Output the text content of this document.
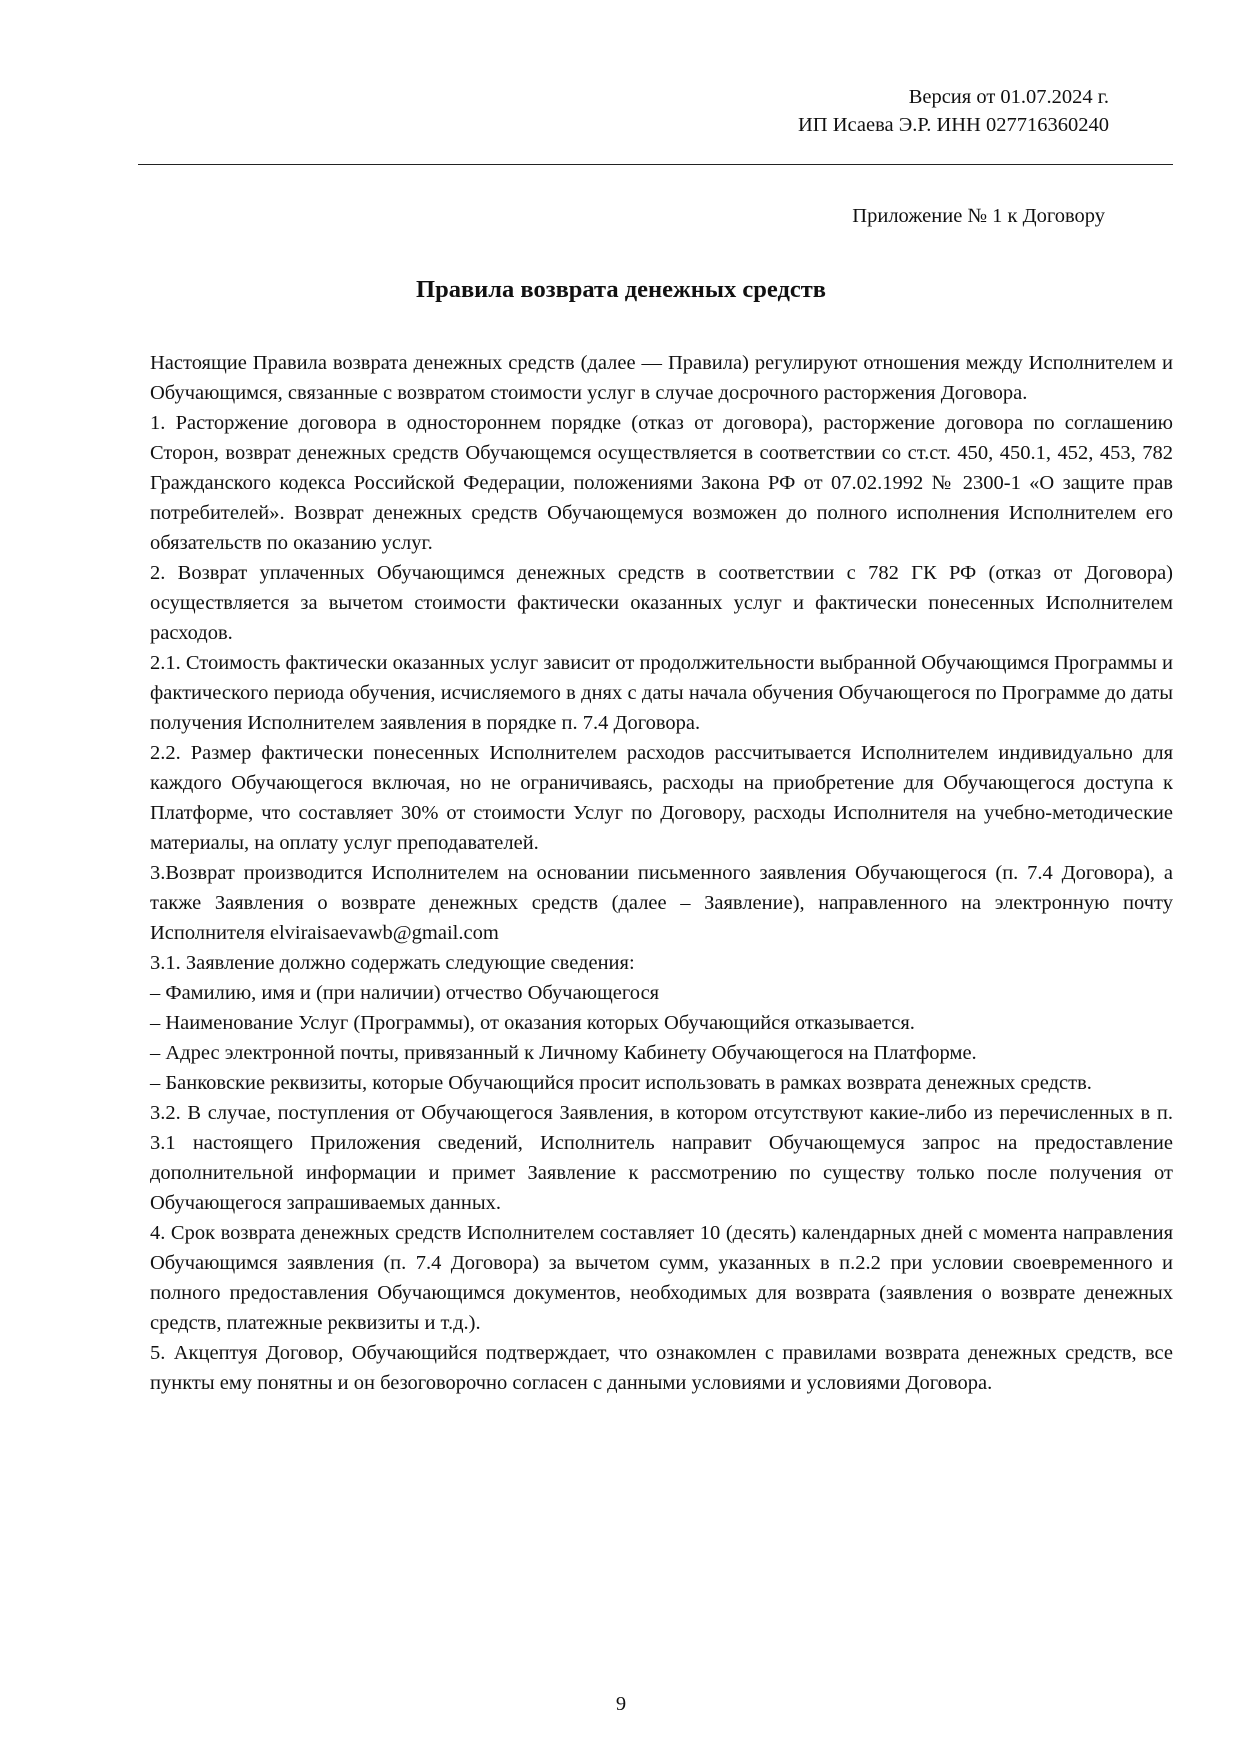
Версия от 01.07.2024 г.
ИП Исаева Э.Р. ИНН 027716360240
Приложение № 1 к Договору
Правила возврата денежных средств

Настоящие Правила возврата денежных средств (далее — Правила) регулируют отношения между Исполнителем и Обучающимся, связанные с возвратом стоимости услуг в случае досрочного расторжения Договора.

1. Расторжение договора в одностороннем порядке (отказ от договора), расторжение договора по соглашению Сторон, возврат денежных средств Обучающемся осуществляется в соответствии со ст.ст. 450, 450.1, 452, 453, 782 Гражданского кодекса Российской Федерации, положениями Закона РФ от 07.02.1992 № 2300-1 «О защите прав потребителей». Возврат денежных средств Обучающемуся возможен до полного исполнения Исполнителем его обязательств по оказанию услуг.

2. Возврат уплаченных Обучающимся денежных средств в соответствии с 782 ГК РФ (отказ от Договора) осуществляется за вычетом стоимости фактически оказанных услуг и фактически понесенных Исполнителем расходов.

2.1. Стоимость фактически оказанных услуг зависит от продолжительности выбранной Обучающимся Программы и фактического периода обучения, исчисляемого в днях с даты начала обучения Обучающегося по Программе до даты получения Исполнителем заявления в порядке п. 7.4 Договора.

2.2. Размер фактически понесенных Исполнителем расходов рассчитывается Исполнителем индивидуально для каждого Обучающегося включая, но не ограничиваясь, расходы на приобретение для Обучающегося доступа к Платформе, что составляет 30% от стоимости Услуг по Договору, расходы Исполнителя на учебно-методические материалы, на оплату услуг преподавателей.

3.Возврат производится Исполнителем на основании письменного заявления Обучающегося (п. 7.4 Договора), а также Заявления о возврате денежных средств (далее – Заявление), направленного на электронную почту Исполнителя elviraisaevawb@gmail.com

3.1. Заявление должно содержать следующие сведения:

– Фамилию, имя и (при наличии) отчество Обучающегося

– Наименование Услуг (Программы), от оказания которых Обучающийся отказывается.

– Адрес электронной почты, привязанный к Личному Кабинету Обучающегося на Платформе.

– Банковские реквизиты, которые Обучающийся просит использовать в рамках возврата денежных средств.

3.2. В случае, поступления от Обучающегося Заявления, в котором отсутствуют какие-либо из перечисленных в п. 3.1 настоящего Приложения сведений, Исполнитель направит Обучающемуся запрос на предоставление дополнительной информации и примет Заявление к рассмотрению по существу только после получения от Обучающегося запрашиваемых данных.

4. Срок возврата денежных средств Исполнителем составляет 10 (десять) календарных дней с момента направления Обучающимся заявления (п. 7.4 Договора) за вычетом сумм, указанных в п.2.2 при условии своевременного и полного предоставления Обучающимся документов, необходимых для возврата (заявления о возврате денежных средств, платежные реквизиты и т.д.).

5. Акцептуя Договор, Обучающийся подтверждает, что ознакомлен с правилами возврата денежных средств, все пункты ему понятны и он безоговорочно согласен с данными условиями и условиями Договора.

9
